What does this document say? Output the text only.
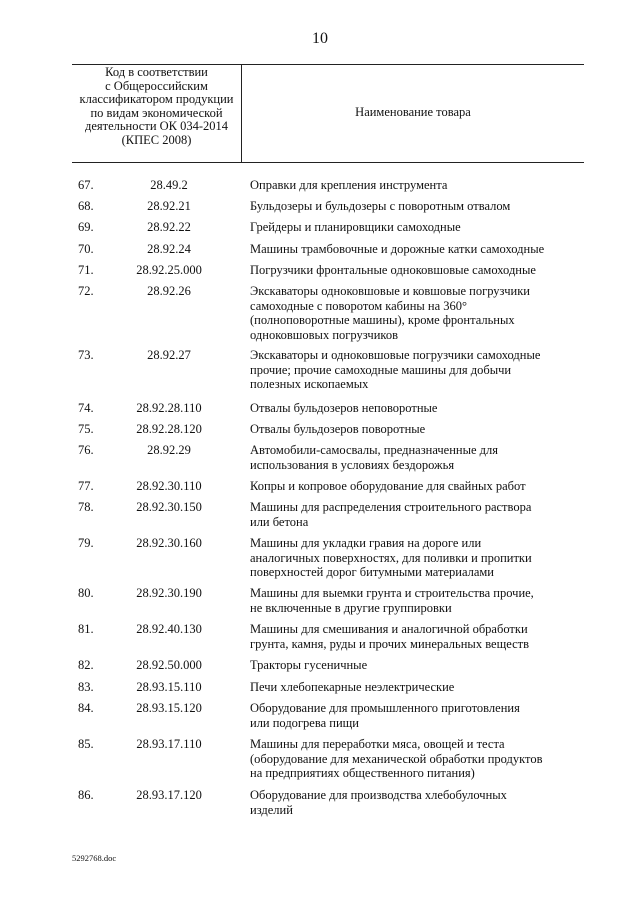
10
Код в соответствии
с Общероссийским
классификатором продукции
по видам экономической
деятельности ОК 034-2014
(КПЕС 2008)
Наименование товара
67.	28.49.2	Оправки для крепления инструмента
68.	28.92.21	Бульдозеры и бульдозеры с поворотным отвалом
69.	28.92.22	Грейдеры и планировщики самоходные
70.	28.92.24	Машины трамбовочные и дорожные катки самоходные
71.	28.92.25.000	Погрузчики фронтальные одноковшовые самоходные
72.	28.92.26	Экскаваторы одноковшовые и ковшовые погрузчики
самоходные с поворотом кабины на 360°
(полноповоротные машины), кроме фронтальных
одноковшовых погрузчиков
73.	28.92.27	Экскаваторы и одноковшовые погрузчики самоходные
прочие; прочие самоходные машины для добычи
полезных ископаемых
74.	28.92.28.110	Отвалы бульдозеров неповоротные
75.	28.92.28.120	Отвалы бульдозеров поворотные
76.	28.92.29	Автомобили-самосвалы, предназначенные для
использования в условиях бездорожья
77.	28.92.30.110	Копры и копровое оборудование для свайных работ
78.	28.92.30.150	Машины для распределения строительного раствора
или бетона
79.	28.92.30.160	Машины для укладки гравия на дороге или
аналогичных поверхностях, для поливки и пропитки
поверхностей дорог битумными материалами
80.	28.92.30.190	Машины для выемки грунта и строительства прочие,
не включенные в другие группировки
81.	28.92.40.130	Машины для смешивания и аналогичной обработки
грунта, камня, руды и прочих минеральных веществ
82.	28.92.50.000	Тракторы гусеничные
83.	28.93.15.110	Печи хлебопекарные неэлектрические
84.	28.93.15.120	Оборудование для промышленного приготовления
или подогрева пищи
85.	28.93.17.110	Машины для переработки мяса, овощей и теста
(оборудование для механической обработки продуктов
на предприятиях общественного питания)
86.	28.93.17.120	Оборудование для производства хлебобулочных
изделий
5292768.doc
